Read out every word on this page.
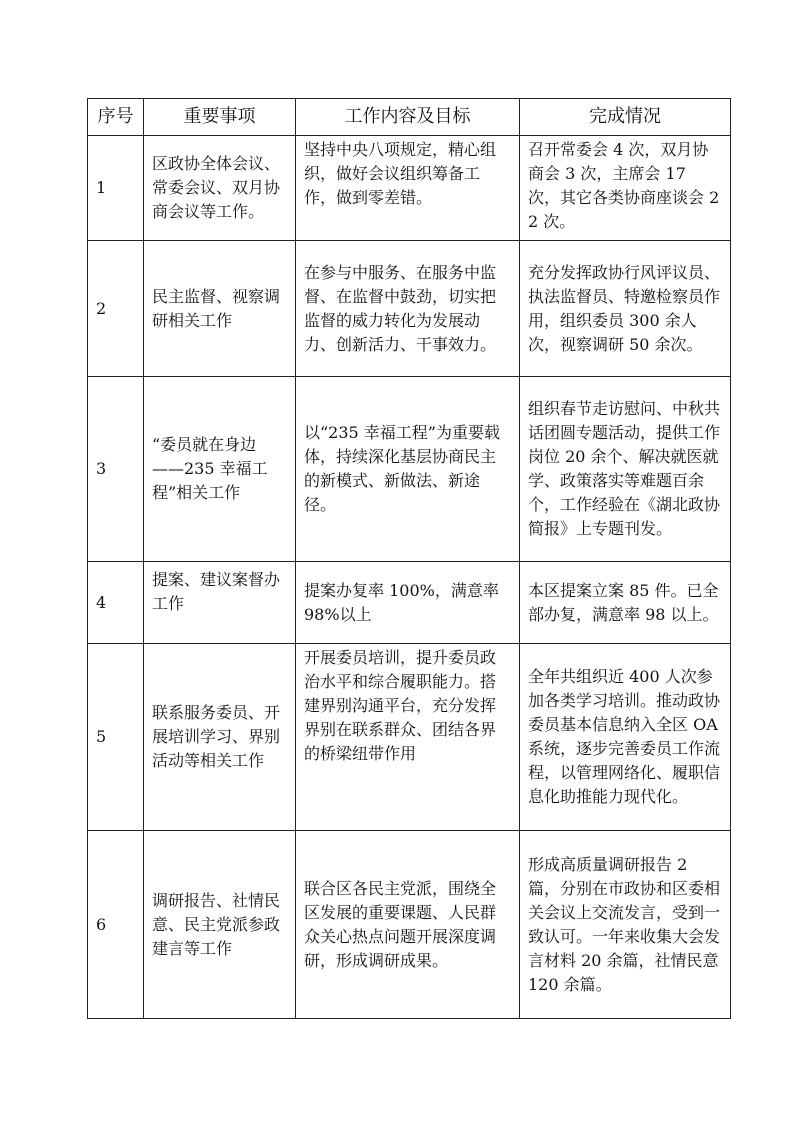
序号	重要事项	工作内容及目标	完成情况
1	区政协全体会议、常委会议、双月协商会议等工作。	坚持中央八项规定，精心组织，做好会议组织筹备工作，做到零差错。	召开常委会 4 次，双月协商会 3 次，主席会 17 次，其它各类协商座谈会 22 次。
2	民主监督、视察调研相关工作	在参与中服务、在服务中监督、在监督中鼓劲，切实把监督的威力转化为发展动力、创新活力、干事效力。	充分发挥政协行风评议员、执法监督员、特邀检察员作用，组织委员 300 余人次，视察调研 50 余次。
3	“委员就在身边——235 幸福工程”相关工作	以“235 幸福工程”为重要载体，持续深化基层协商民主的新模式、新做法、新途径。	组织春节走访慰问、中秋共话团圆专题活动，提供工作岗位 20 余个、解决就医就学、政策落实等难题百余个，工作经验在《湖北政协简报》上专题刊发。
4	提案、建议案督办工作	提案办复率 100%，满意率 98%以上	本区提案立案 85 件。已全部办复，满意率 98 以上。
5	联系服务委员、开展培训学习、界别活动等相关工作	开展委员培训，提升委员政治水平和综合履职能力。搭建界别沟通平台，充分发挥界别在联系群众、团结各界的桥梁纽带作用	全年共组织近 400 人次参加各类学习培训。推动政协委员基本信息纳入全区 OA 系统，逐步完善委员工作流程，以管理网络化、履职信息化助推能力现代化。
6	调研报告、社情民意、民主党派参政建言等工作	联合区各民主党派，围绕全区发展的重要课题、人民群众关心热点问题开展深度调研，形成调研成果。	形成高质量调研报告 2 篇，分别在市政协和区委相关会议上交流发言，受到一致认可。一年来收集大会发言材料 20 余篇，社情民意 120 余篇。
